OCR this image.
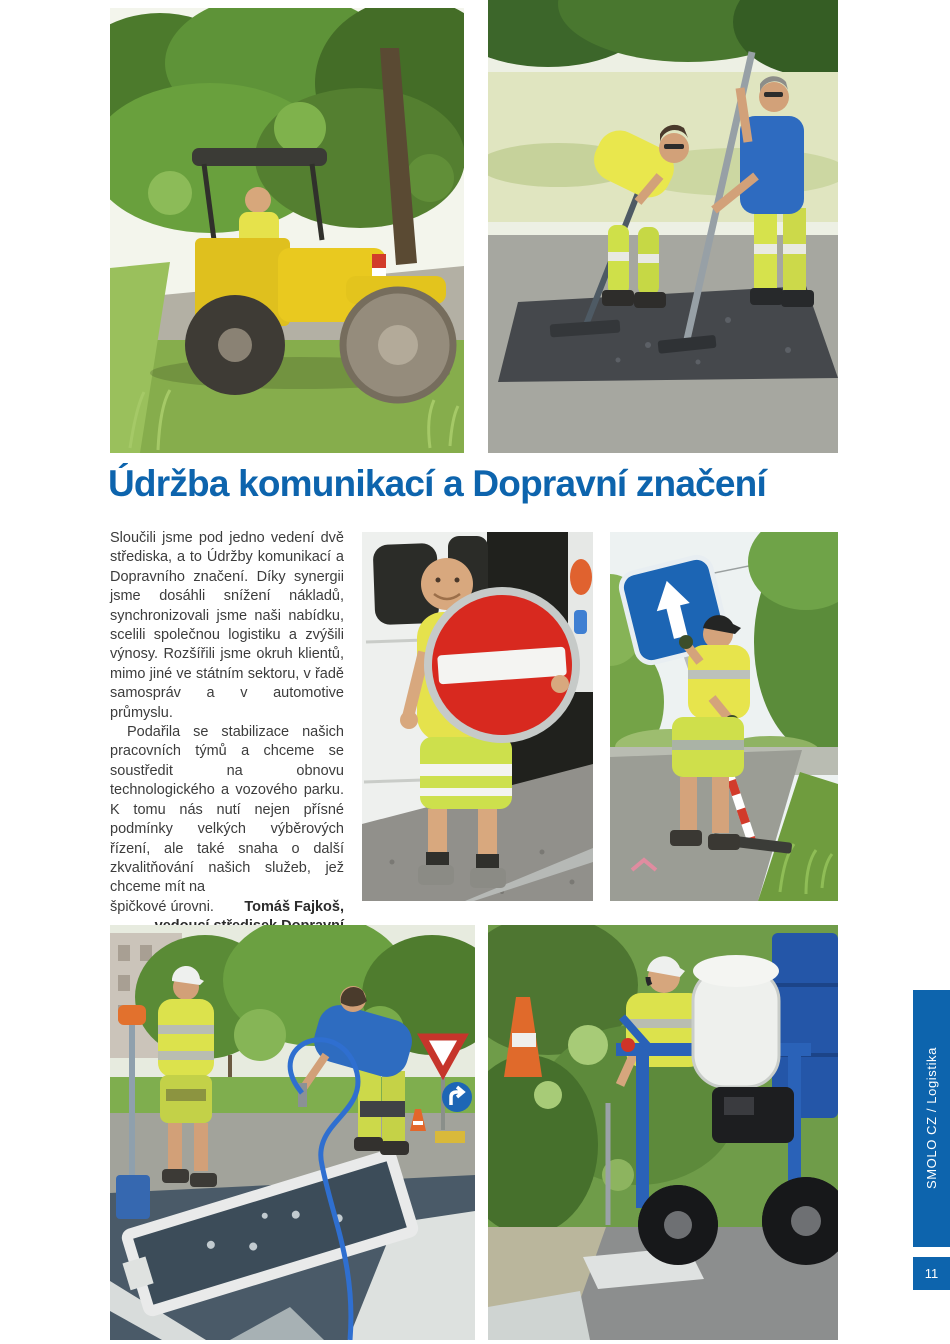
Údržba komunikací a Dopravní značení

Sloučili jsme pod jedno vedení dvě střediska, a to Údržby komunikací a Dopravního značení. Díky synergii jsme dosáhli snížení nákladů, synchronizovali jsme naši nabídku, scelili společnou logistiku a zvýšili výnosy. Rozšířili jsme okruh klientů, mimo jiné ve státním sektoru, v řadě samospráv a v automotive průmyslu.

Podařila se stabilizace našich pracovních týmů a chceme se soustředit na obnovu technologického a vozového parku. K tomu nás nutí nejen přísné podmínky velkých výběrových řízení, ale také snaha o další zkvalitňování našich služeb, jež chceme mít na

špičkové úrovni. Tomáš Fajkoš,
SMOLO CZ / Logistika
11
